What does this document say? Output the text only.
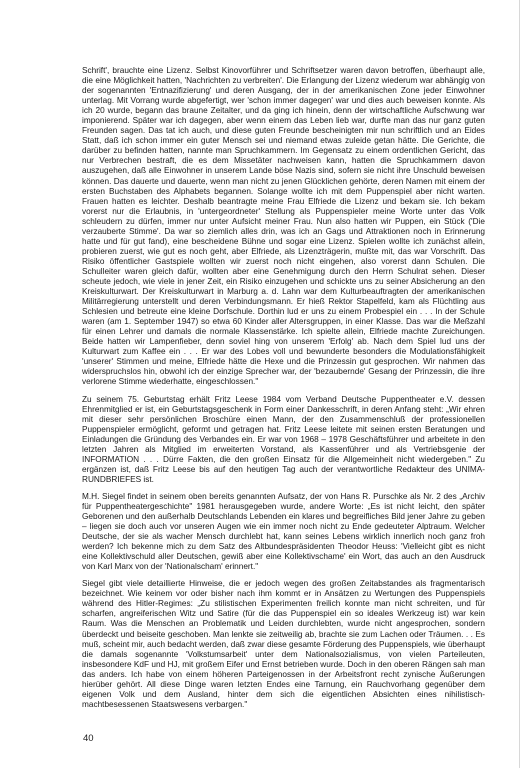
Schrift', brauchte eine Lizenz. Selbst Kinovorführer und Schriftsetzer waren davon betroffen, überhaupt alle, die eine Möglichkeit hatten, 'Nachrichten zu verbreiten'. Die Erlangung der Lizenz wiederum war abhängig von der sogenannten 'Entnazifizierung' und deren Ausgang, der in der amerikanischen Zone jeder Einwohner unterlag. Mit Vorrang wurde abgefertigt, wer 'schon immer dagegen' war und dies auch beweisen konnte. Als ich 20 wurde, begann das braune Zeitalter, und da ging ich hinein, denn der wirtschaftliche Aufschwung war imponierend. Später war ich dagegen, aber wenn einem das Leben lieb war, durfte man das nur ganz guten Freunden sagen. Das tat ich auch, und diese guten Freunde bescheinigten mir nun schriftlich und an Eides Statt, daß ich schon immer ein guter Mensch sei und niemand etwas zuleide getan hätte. Die Gerichte, die darüber zu befinden hatten, nannte man Spruchkammern. Im Gegensatz zu einem ordentlichen Gericht, das nur Verbrechen bestraft, die es dem Missetäter nachweisen kann, hatten die Spruchkammern davon auszugehen, daß alle Einwohner in unserem Lande böse Nazis sind, sofern sie nicht ihre Unschuld beweisen können. Das dauerte und dauerte, wenn man nicht zu jenen Glücklichen gehörte, deren Namen mit einem der ersten Buchstaben des Alphabets begannen. Solange wollte ich mit dem Puppenspiel aber nicht warten. Frauen hatten es leichter. Deshalb beantragte meine Frau Elfriede die Lizenz und bekam sie. Ich bekam vorerst nur die Erlaubnis, in 'untergeordneter' Stellung als Puppenspieler meine Worte unter das Volk schleudern zu dürfen, immer nur unter Aufsicht meiner Frau. Nun also hatten wir Puppen, ein Stück ('Die verzauberte Stimme'. Da war so ziemlich alles drin, was ich an Gags und Attraktionen noch in Erinnerung hatte und für gut fand), eine bescheidene Bühne und sogar eine Lizenz. Spielen wollte ich zunächst allein, probieren zuerst, wie gut es noch geht, aber Elfriede, als Lizenzträgerin, mußte mit, das war Vorschrift. Das Risiko öffentlicher Gastspiele wollten wir zuerst noch nicht eingehen, also vorerst dann Schulen. Die Schulleiter waren gleich dafür, wollten aber eine Genehmigung durch den Herrn Schulrat sehen. Dieser scheute jedoch, wie viele in jener Zeit, ein Risiko einzugehen und schickte uns zu seiner Absicherung an den Kreiskulturwart. Der Kreiskulturwart in Marburg a. d. Lahn war dem Kulturbeauftragten der amerikanischen Militärregierung unterstellt und deren Verbindungsmann. Er hieß Rektor Stapelfeld, kam als Flüchtling aus Schlesien und betreute eine kleine Dorfschule. Dorthin lud er uns zu einem Probespiel ein . . . In der Schule waren (am 1. September 1947) so etwa 60 Kinder aller Altersgruppen, in einer Klasse. Das war die Meßzahl für einen Lehrer und damals die normale Klassenstärke. Ich spielte allein, Elfriede machte Zureichungen. Beide hatten wir Lampenfieber, denn soviel hing von unserem 'Erfolg' ab. Nach dem Spiel lud uns der Kulturwart zum Kaffee ein . . . Er war des Lobes voll und bewunderte besonders die Modulationsfähigkeit 'unserer' Stimmen und meine, Elfriede hätte die Hexe und die Prinzessin gut gesprochen. Wir nahmen das widerspruchslos hin, obwohl ich der einzige Sprecher war, der 'bezaubernde' Gesang der Prinzessin, die ihre verlorene Stimme wiederhatte, eingeschlossen."

Zu seinem 75. Geburtstag erhält Fritz Leese 1984 vom Verband Deutsche Puppentheater e.V. dessen Ehrenmitglied er ist, ein Geburtstagsgeschenk in Form einer Dankesschrift, in deren Anfang steht: „Wir ehren mit dieser sehr persönlichen Broschüre einen Mann, der den Zusammenschluß der professionellen Puppenspieler ermöglicht, geformt und getragen hat. Fritz Leese leitete mit seinen ersten Beratungen und Einladungen die Gründung des Verbandes ein. Er war von 1968 – 1978 Geschäftsführer und arbeitete in den letzten Jahren als Mitglied im erweiterten Vorstand, als Kassenführer und als Vertriebsgenie der INFORMATION . . . Dürre Fakten, die den großen Einsatz für die Allgemeinheit nicht wiedergeben." Zu ergänzen ist, daß Fritz Leese bis auf den heutigen Tag auch der verantwortliche Redakteur des UNIMA-RUNDBRIEFES ist.

M.H. Siegel findet in seinem oben bereits genannten Aufsatz, der von Hans R. Purschke als Nr. 2 des „Archiv für Puppentheatergeschichte" 1981 herausgegeben wurde, andere Worte: „Es ist nicht leicht, den später Geborenen und den außerhalb Deutschlands Lebenden ein klares und begreifliches Bild jener Jahre zu geben – liegen sie doch auch vor unseren Augen wie ein immer noch nicht zu Ende gedeuteter Alptraum. Welcher Deutsche, der sie als wacher Mensch durchlebt hat, kann seines Lebens wirklich innerlich noch ganz froh werden? Ich bekenne mich zu dem Satz des Altbundespräsidenten Theodor Heuss: 'Vielleicht gibt es nicht eine Kollektivschuld aller Deutschen, gewiß aber eine Kollektivschame' ein Wort, das auch an den Ausdruck von Karl Marx von der 'Nationalscham' erinnert."

Siegel gibt viele detaillierte Hinweise, die er jedoch wegen des großen Zeitabstandes als fragmentarisch bezeichnet. Wie keinem vor oder bisher nach ihm kommt er in Ansätzen zu Wertungen des Puppenspiels während des Hitler-Regimes: „Zu stilistischen Experimenten freilich konnte man nicht schreiten, und für scharfen, angreiferischen Witz und Satire (für die das Puppenspiel ein so ideales Werkzeug ist) war kein Raum. Was die Menschen an Problematik und Leiden durchlebten, wurde nicht angesprochen, sondern überdeckt und beiseite geschoben. Man lenkte sie zeitweilig ab, brachte sie zum Lachen oder Träumen. . . Es muß, scheint mir, auch bedacht werden, daß zwar diese gesamte Förderung des Puppenspiels, wie überhaupt die damals sogenannte 'Volkstumsarbeit' unter dem Nationalsozialismus, von vielen Parteileuten, insbesondere KdF und HJ, mit großem Eifer und Ernst betrieben wurde. Doch in den oberen Rängen sah man das anders. Ich habe von einem höheren Parteigenossen in der Arbeitsfront recht zynische Äußerungen hierüber gehört. All diese Dinge waren letzten Endes eine Tarnung, ein Rauchvorhang gegenüber dem eigenen Volk und dem Ausland, hinter dem sich die eigentlichen Absichten eines nihilistisch-machtbesessenen Staatswesens verbargen."

40
